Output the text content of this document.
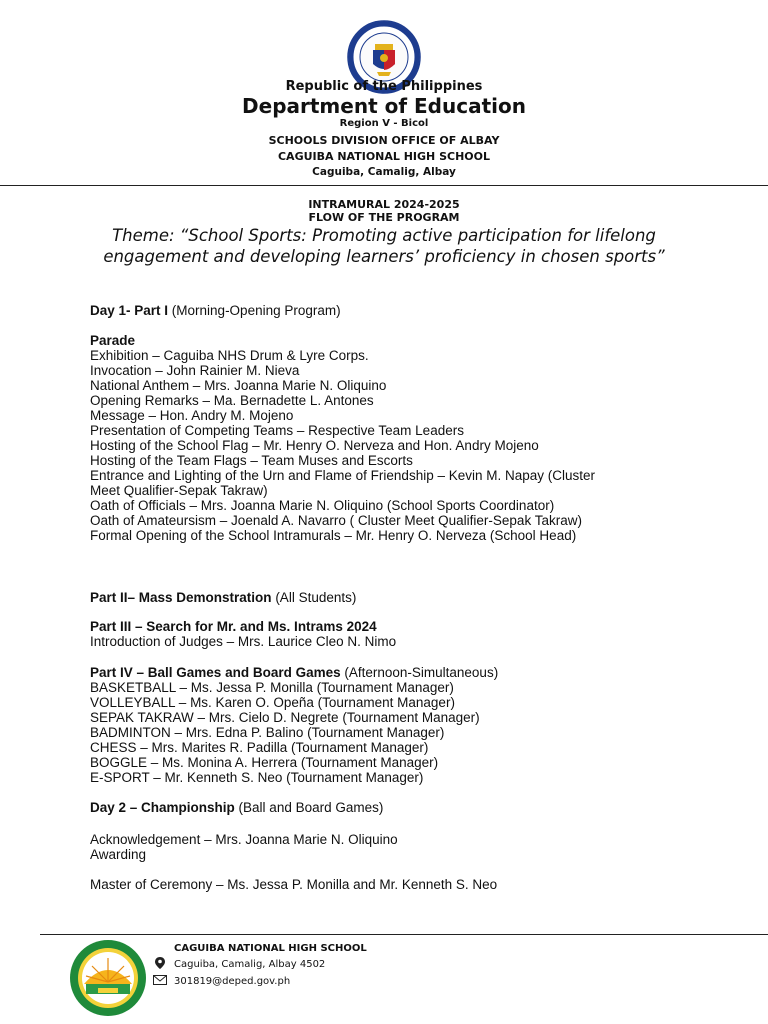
Republic of the Philippines
Department of Education
Region V - Bicol
SCHOOLS DIVISION OFFICE OF ALBAY
CAGUIBA NATIONAL HIGH SCHOOL
Caguiba, Camalig, Albay
INTRAMURAL 2024-2025
FLOW OF THE PROGRAM
Theme: “School Sports: Promoting active participation for lifelong engagement and developing learners’ proficiency in chosen sports”
Day 1- Part I (Morning-Opening Program)
Parade
Exhibition – Caguiba NHS Drum & Lyre Corps.
Invocation – John Rainier M. Nieva
National Anthem – Mrs. Joanna Marie N. Oliquino
Opening Remarks – Ma. Bernadette L. Antones
Message – Hon. Andry M. Mojeno
Presentation of Competing Teams – Respective Team Leaders
Hosting of the School Flag – Mr. Henry O. Nerveza and Hon. Andry Mojeno
Hosting of the Team Flags – Team Muses and Escorts
Entrance and Lighting of the Urn and Flame of Friendship – Kevin M. Napay (Cluster
Meet Qualifier-Sepak Takraw)
Oath of Officials – Mrs. Joanna Marie N. Oliquino (School Sports Coordinator)
Oath of Amateursism – Joenald A. Navarro ( Cluster Meet Qualifier-Sepak Takraw)
Formal Opening of the School Intramurals – Mr. Henry O. Nerveza (School Head)
Part II– Mass Demonstration (All Students)
Part III – Search for Mr. and Ms. Intrams 2024
Introduction of Judges – Mrs. Laurice Cleo N. Nimo
Part IV – Ball Games and Board Games (Afternoon-Simultaneous)
BASKETBALL – Ms. Jessa P. Monilla (Tournament Manager)
VOLLEYBALL – Ms. Karen O. Opeña (Tournament Manager)
SEPAK TAKRAW – Mrs. Cielo D. Negrete (Tournament Manager)
BADMINTON – Mrs. Edna P. Balino (Tournament Manager)
CHESS – Mrs. Marites R. Padilla (Tournament Manager)
BOGGLE – Ms. Monina A. Herrera (Tournament Manager)
E-SPORT – Mr. Kenneth S. Neo (Tournament Manager)
Day 2 – Championship (Ball and Board Games)
Acknowledgement – Mrs. Joanna Marie N. Oliquino
Awarding
Master of Ceremony – Ms. Jessa P. Monilla and Mr. Kenneth S. Neo
CAGUIBA NATIONAL HIGH SCHOOL
Caguiba, Camalig, Albay 4502
301819@deped.gov.ph
